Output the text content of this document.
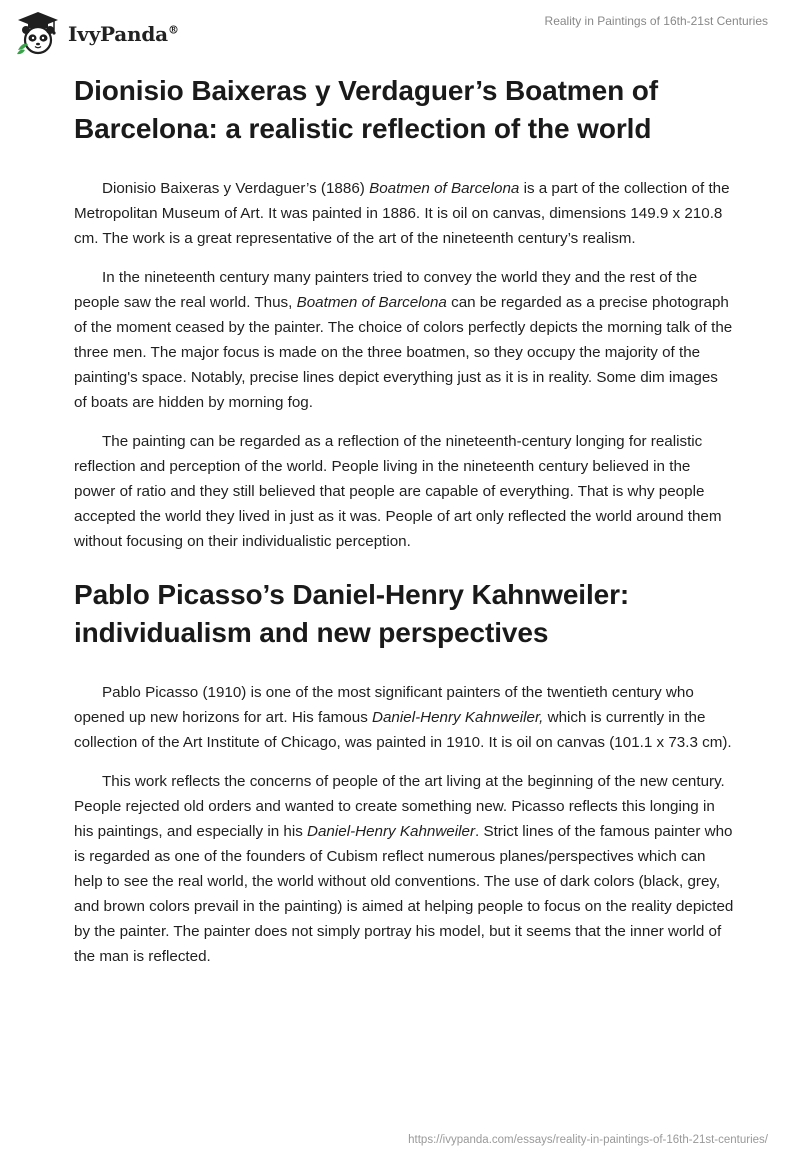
IvyPanda®
Reality in Paintings of 16th-21st Centuries
Dionisio Baixeras y Verdaguer’s Boatmen of Barcelona: a realistic reflection of the world

Dionisio Baixeras y Verdaguer’s (1886) Boatmen of Barcelona is a part of the collection of the Metropolitan Museum of Art. It was painted in 1886. It is oil on canvas, dimensions 149.9 x 210.8 cm. The work is a great representative of the art of the nineteenth century’s realism.

In the nineteenth century many painters tried to convey the world they and the rest of the people saw the real world. Thus, Boatmen of Barcelona can be regarded as a precise photograph of the moment ceased by the painter. The choice of colors perfectly depicts the morning talk of the three men. The major focus is made on the three boatmen, so they occupy the majority of the painting's space. Notably, precise lines depict everything just as it is in reality. Some dim images of boats are hidden by morning fog.

The painting can be regarded as a reflection of the nineteenth-century longing for realistic reflection and perception of the world. People living in the nineteenth century believed in the power of ratio and they still believed that people are capable of everything. That is why people accepted the world they lived in just as it was. People of art only reflected the world around them without focusing on their individualistic perception.

Pablo Picasso’s Daniel-Henry Kahnweiler: individualism and new perspectives

Pablo Picasso (1910) is one of the most significant painters of the twentieth century who opened up new horizons for art. His famous Daniel-Henry Kahnweiler, which is currently in the collection of the Art Institute of Chicago, was painted in 1910. It is oil on canvas (101.1 x 73.3 cm).

This work reflects the concerns of people of the art living at the beginning of the new century. People rejected old orders and wanted to create something new. Picasso reflects this longing in his paintings, and especially in his Daniel-Henry Kahnweiler. Strict lines of the famous painter who is regarded as one of the founders of Cubism reflect numerous planes/perspectives which can help to see the real world, the world without old conventions. The use of dark colors (black, grey, and brown colors prevail in the painting) is aimed at helping people to focus on the reality depicted by the painter. The painter does not simply portray his model, but it seems that the inner world of the man is reflected.

https://ivypanda.com/essays/reality-in-paintings-of-16th-21st-centuries/
